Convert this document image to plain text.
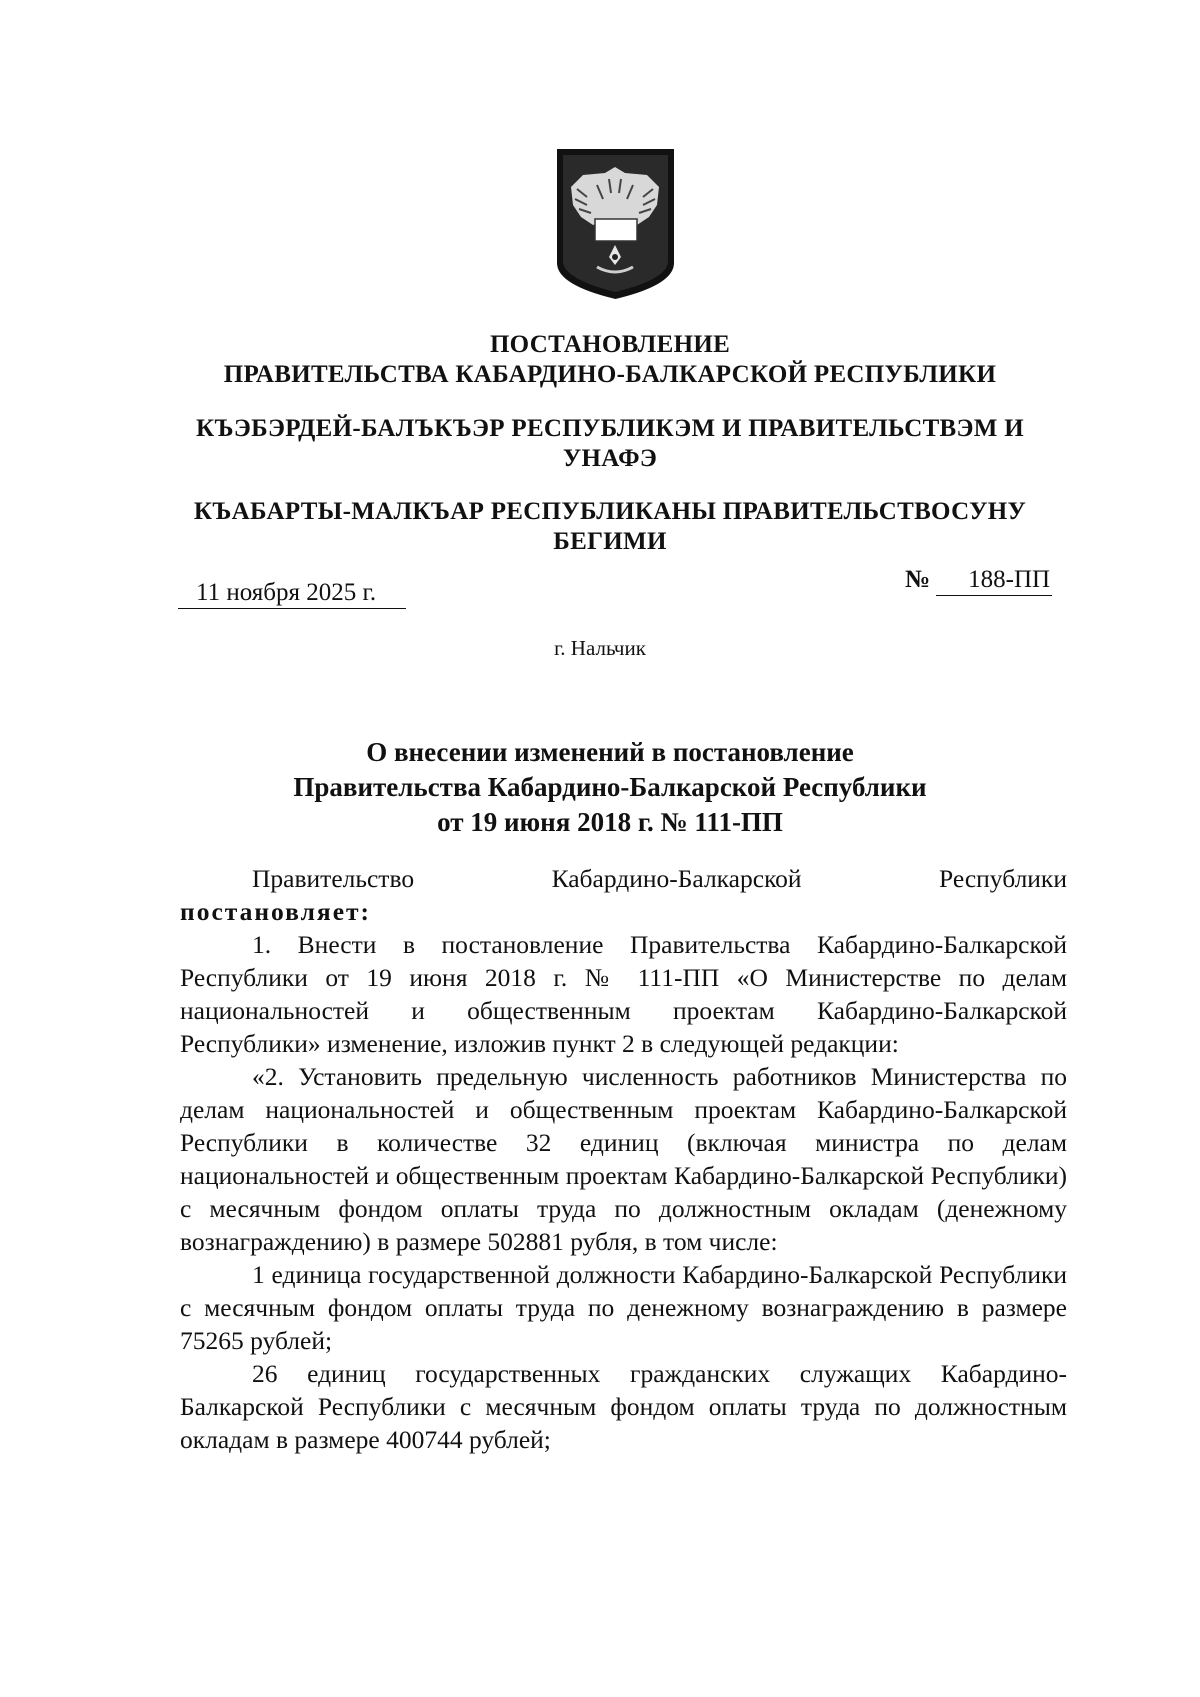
ПОСТАНОВЛЕНИЕ
ПРАВИТЕЛЬСТВА КАБАРДИНО-БАЛКАРСКОЙ РЕСПУБЛИКИ
КЪЭБЭРДЕЙ-БАЛЪКЪЭР РЕСПУБЛИКЭМ И ПРАВИТЕЛЬСТВЭМ И
УНАФЭ
КЪАБАРТЫ-МАЛКЪАР РЕСПУБЛИКАНЫ ПРАВИТЕЛЬСТВОСУНУ
БЕГИМИ
11 ноября 2025 г.	№ 188-ПП
г. Нальчик
О внесении изменений в постановление
Правительства Кабардино-Балкарской Республики
от 19 июня 2018 г. № 111-ПП
Правительство	Кабардино-Балкарской	Республики

постановляет:

1. Внести в постановление Правительства Кабардино-Балкарской Республики от 19 июня 2018 г. № 111-ПП «О Министерстве по делам национальностей и общественным проектам Кабардино-Балкарской Республики» изменение, изложив пункт 2 в следующей редакции:

«2. Установить предельную численность работников Министерства по делам национальностей и общественным проектам Кабардино-Балкарской Республики в количестве 32 единиц (включая министра по делам национальностей и общественным проектам Кабардино-Балкарской Республики) с месячным фондом оплаты труда по должностным окладам (денежному вознаграждению) в размере 502881 рубля, в том числе:

1 единица государственной должности Кабардино-Балкарской Республики с месячным фондом оплаты труда по денежному вознаграждению в размере 75265 рублей;

26 единиц государственных гражданских служащих Кабардино-Балкарской Республики с месячным фондом оплаты труда по должностным окладам в размере 400744 рублей;
